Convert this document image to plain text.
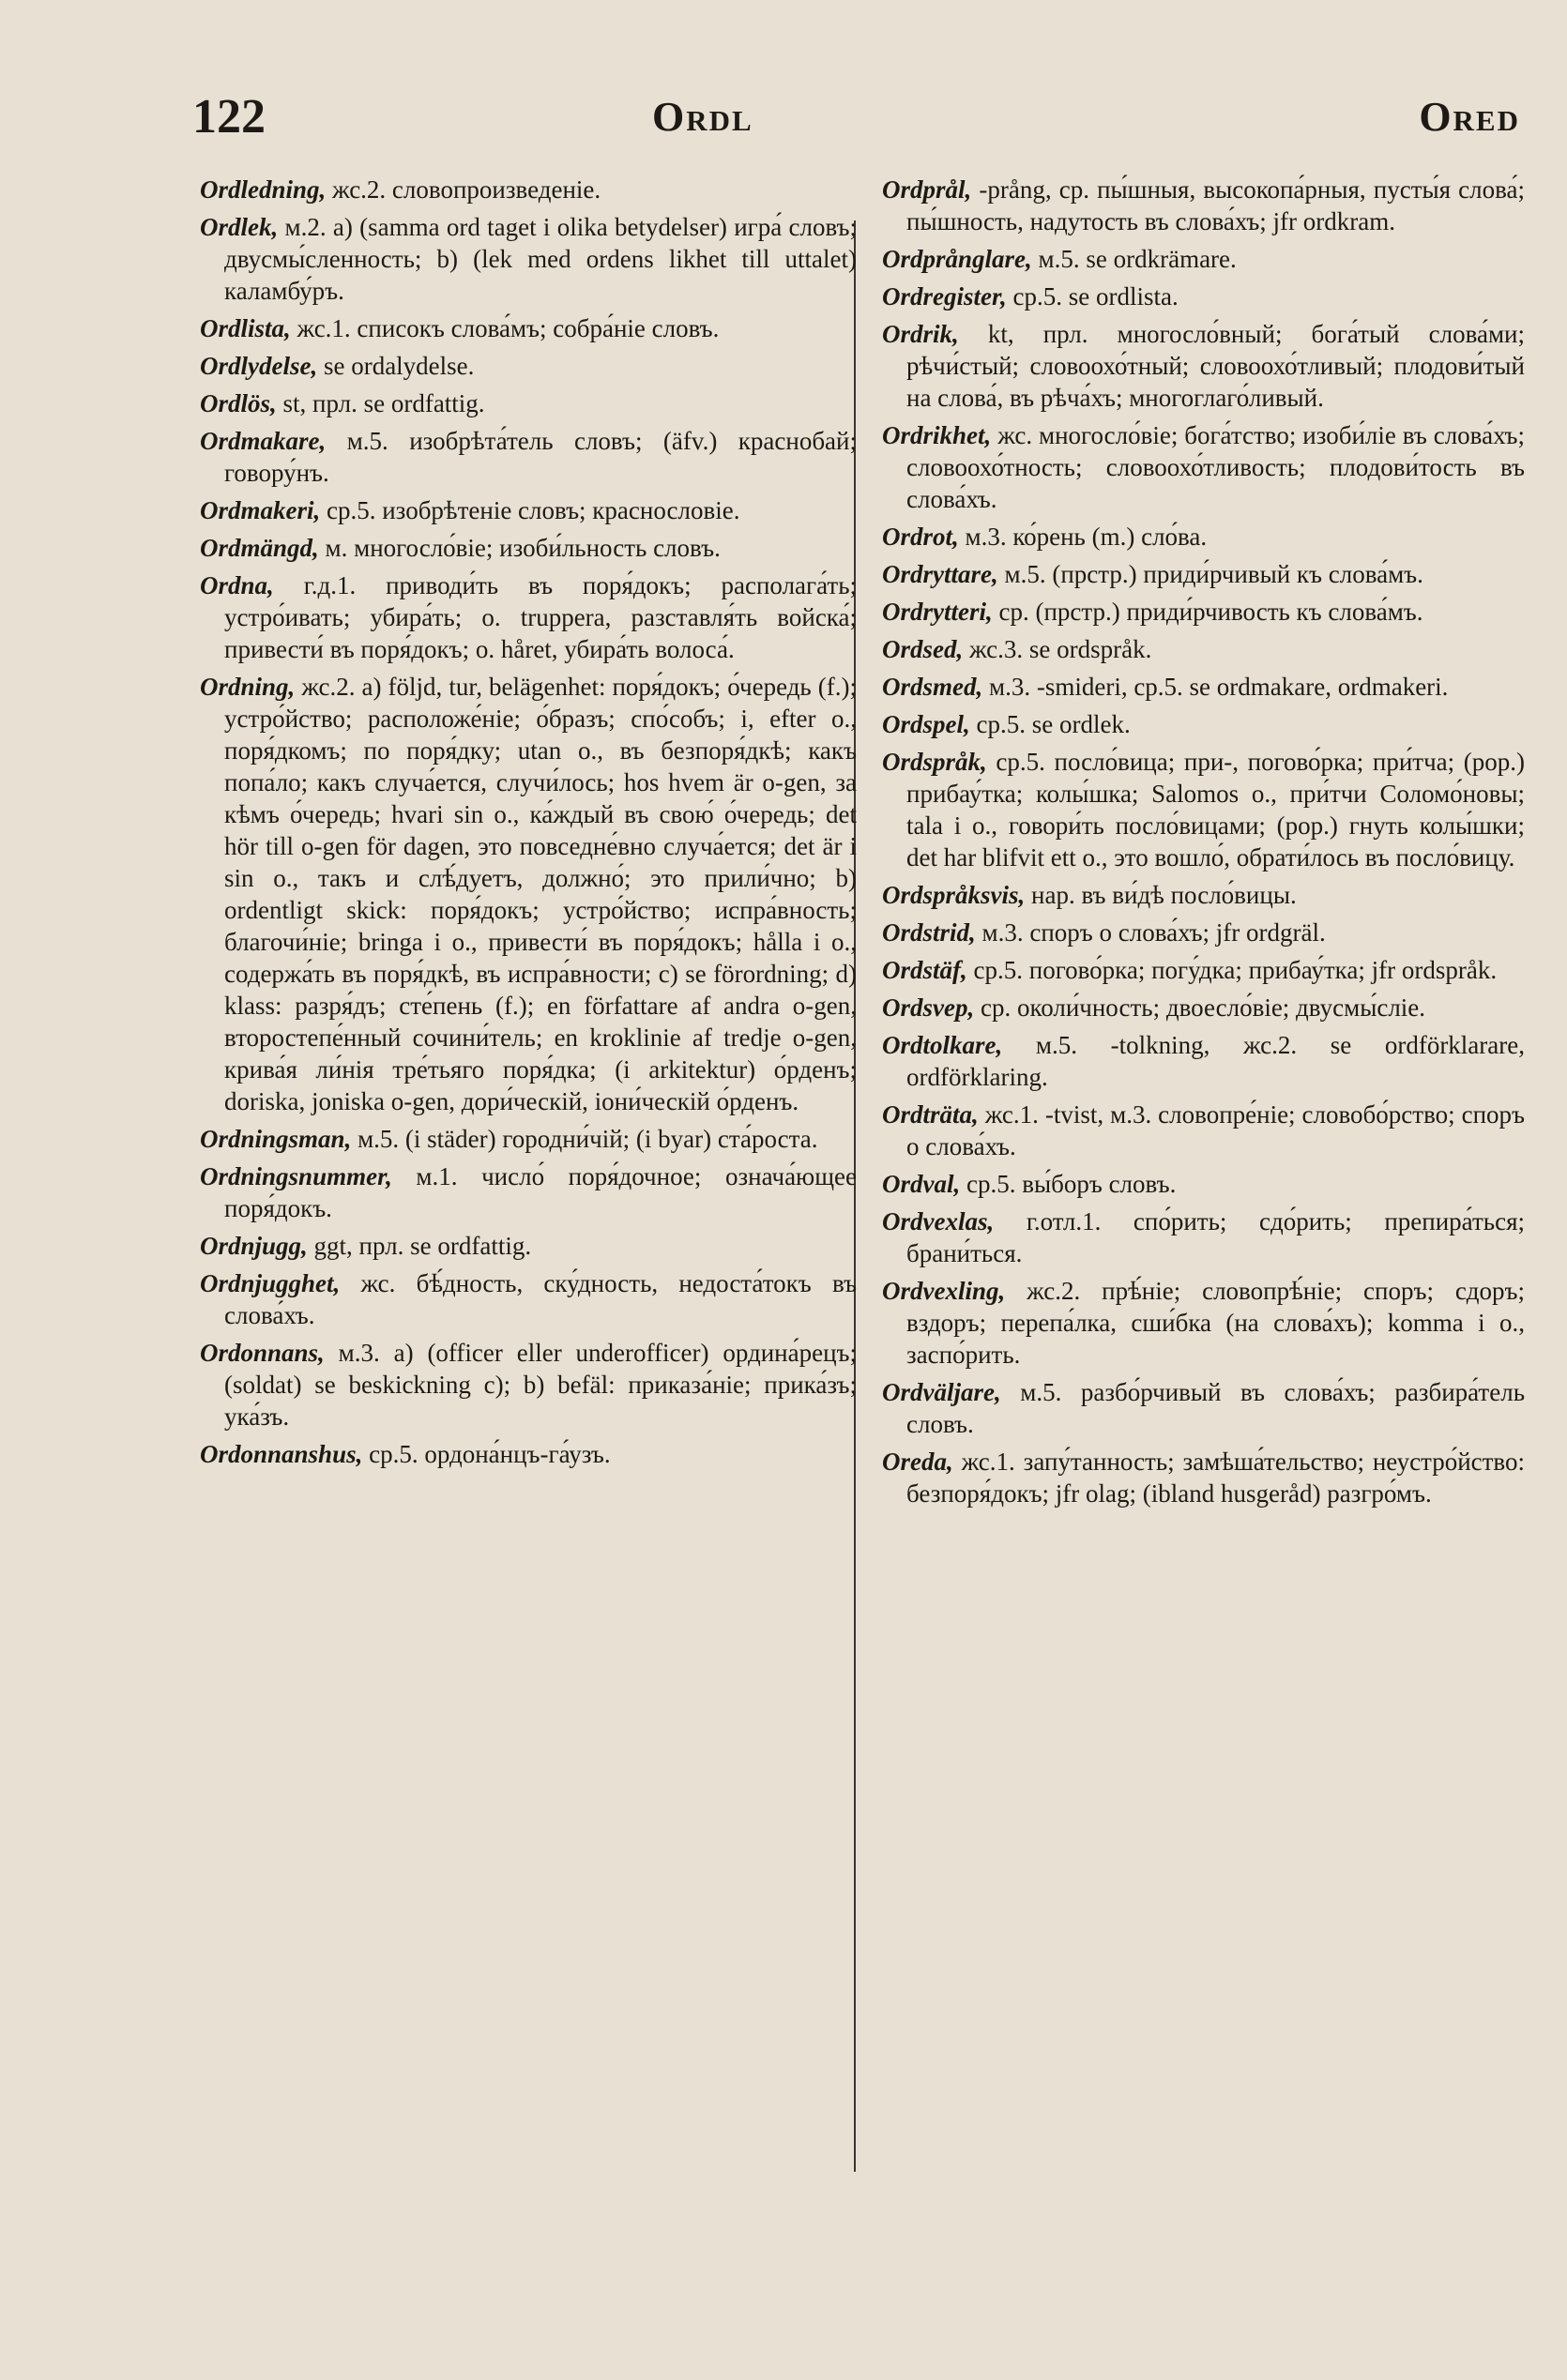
122	Ordl	Ored

Ordledning, жс.2. словопроизведеніе.

Ordlek, м.2. a) (samma ord taget i olika betydelser) игра́ словъ; двусмы́сленность; b) (lek med ordens likhet till uttalet) каламбу́ръ.

Ordlista, жс.1. списокъ слова́мъ; собра́ніе словъ.

Ordlydelse, se ordalydelse.

Ordlös, st, прл. se ordfattig.

Ordmakare, м.5. изобрѣта́тель словъ; (äfv.) краснобай; говору́нъ.

Ordmakeri, ср.5. изобрѣтеніе словъ; краснословіе.

Ordmängd, м. многосло́віе; изоби́льность словъ.

Ordna, г.д.1. приводи́ть въ поря́докъ; располага́ть; устро́ивать; убира́ть; o. truppera, разставля́ть войска́; привести́ въ поря́докъ; o. håret, убира́ть волоса́.

Ordning, жс.2. a) följd, tur, belägenhet: поря́докъ; о́чередь (f.); устро́йство; расположе́ніе; о́бразъ; спо́собъ; i, efter o., поря́дкомъ; по поря́дку; utan o., въ безпоря́дкѣ; какъ попа́ло; какъ случа́ется, случи́лось; hos hvem är o-gen, за кѣмъ о́чередь; hvari sin o., ка́ждый въ свою́ о́чередь; det hör till o-gen för dagen, это повседне́вно случа́ется; det är i sin o., такъ и слѣ́дуетъ, должно́; это прили́чно; b) ordentligt skick: поря́докъ; устро́йство; испра́вность; благочи́ніе; bringa i o., привести́ въ поря́докъ; hålla i o., содержа́ть въ поря́дкѣ, въ испра́вности; c) se förordning; d) klass: разря́дъ; сте́пень (f.); en författare af andra o-gen, второстепе́нный сочини́тель; en kroklinie af tredje o-gen, крива́я ли́нія тре́тьяго поря́дка; (i arkitektur) о́рденъ; doriska, joniska o-gen, дори́ческій, іони́ческій о́рденъ.

Ordningsman, м.5. (i städer) городни́чій; (i byar) ста́роста.

Ordningsnummer, м.1. число́ поря́дочное; означа́ющее поря́докъ.

Ordnjugg, ggt, прл. se ordfattig.

Ordnjugghet, жс. бѣ́дность, ску́дность, недоста́токъ въ слова́хъ.

Ordonnans, м.3. a) (officer eller underofficer) ордина́рецъ; (soldat) se beskickning c); b) befäl: приказа́ніе; прика́зъ; ука́зъ.

Ordonnanshus, ср.5. ордона́нцъ-га́узъ.

Ordprål, -prång, ср. пы́шныя, высокопа́рныя, пусты́я слова́; пы́шность, надутость въ слова́хъ; jfr ordkram.

Ordprånglare, м.5. se ordkrämare.

Ordregister, ср.5. se ordlista.

Ordrik, kt, прл. многосло́вный; бога́тый слова́ми; рѣчи́стый; словоохо́тный; словоохо́тливый; плодови́тый на слова́, въ рѣча́хъ; многоглаго́ливый.

Ordrikhet, жс. многосло́віе; бога́тство; изоби́ліе въ слова́хъ; словоохо́тность; словоохо́тливость; плодови́тость въ слова́хъ.

Ordrot, м.3. ко́рень (m.) сло́ва.

Ordryttare, м.5. (прстр.) приди́рчивый къ слова́мъ.

Ordrytteri, ср. (прстр.) приди́рчивость къ слова́мъ.

Ordsed, жс.3. se ordspråk.

Ordsmed, м.3. -smideri, ср.5. se ordmakare, ordmakeri.

Ordspel, ср.5. se ordlek.

Ordspråk, ср.5. посло́вица; при-, погово́рка; при́тча; (рор.) прибау́тка; колы́шка; Salomos o., при́тчи Соломо́новы; tala i o., говори́ть посло́вицами; (рор.) гнуть колы́шки; det har blifvit ett o., это вошло́, обрати́лось въ посло́вицу.

Ordspråksvis, нар. въ ви́дѣ посло́вицы.

Ordstrid, м.3. споръ о слова́хъ; jfr ordgräl.

Ordstäf, ср.5. погово́рка; погу́дка; прибау́тка; jfr ordspråk.

Ordsvep, ср. околи́чность; двоесло́віе; двусмы́сліе.

Ordtolkare, м.5. -tolkning, жс.2. se ordförklarare, ordförklaring.

Ordträta, жс.1. -tvist, м.3. словопре́ніе; словобо́рство; споръ о слова́хъ.

Ordval, ср.5. вы́боръ словъ.

Ordvexlas, г.отл.1. спо́рить; сдо́рить; препира́ться; брани́ться.

Ordvexling, жс.2. прѣ́ніе; словопрѣ́ніе; споръ; сдоръ; вздоръ; перепа́лка, сши́бка (на слова́хъ); komma i o., заспо́рить.

Ordväljare, м.5. разбо́рчивый въ слова́хъ; разбира́тель словъ.

Oreda, жс.1. запу́танность; замѣша́тельство; неустро́йство: безпоря́докъ; jfr olag; (ibland husgeråd) разгро́мъ.
